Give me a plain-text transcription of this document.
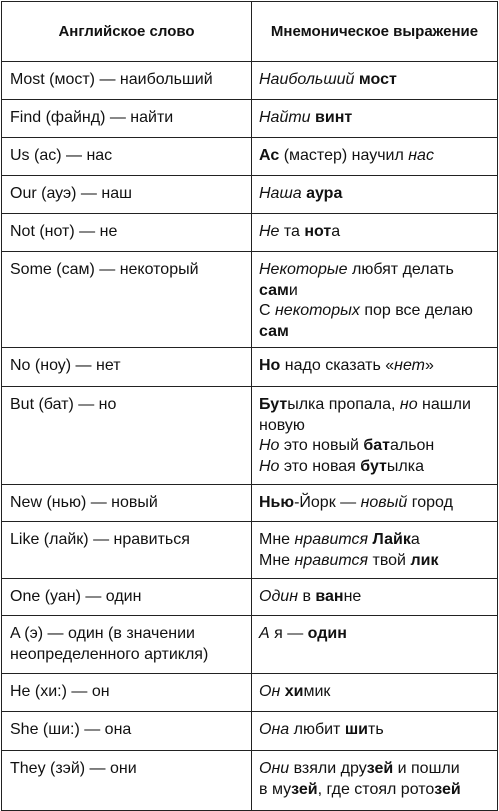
Английское слово	Мнемоническое выражение
Most (мост) — наибольший	Наибольший мост

Find (файнд) — найти	Найти винт

Us (ас) — нас	Ас (мастер) научил нас

Our (ауэ) — наш	Наша аура

Not (нот) — не	Не та нота

Some (сам) — некоторый	Некоторые любят делать
сами
С некоторых пор все делаю
сам

No (ноу) — нет	Но надо сказать «нет»

But (бат) — но	Бутылка пропала, но нашли
новую
Но это новый батальон
Но это новая бутылка

New (нью) — новый	Нью-Йорк — новый город

Like (лайк) — нравиться	Мне нравится Лайка
Мне нравится твой лик

One (уан) — один	Один в ванне

A (э) — один (в значении неопределенного артикля)	А я — один

He (хи:) — он	Он химик

She (ши:) — она	Она любит шить

They (зэй) — они	Они взяли друзей и пошли
в музей, где стоял ротозей
